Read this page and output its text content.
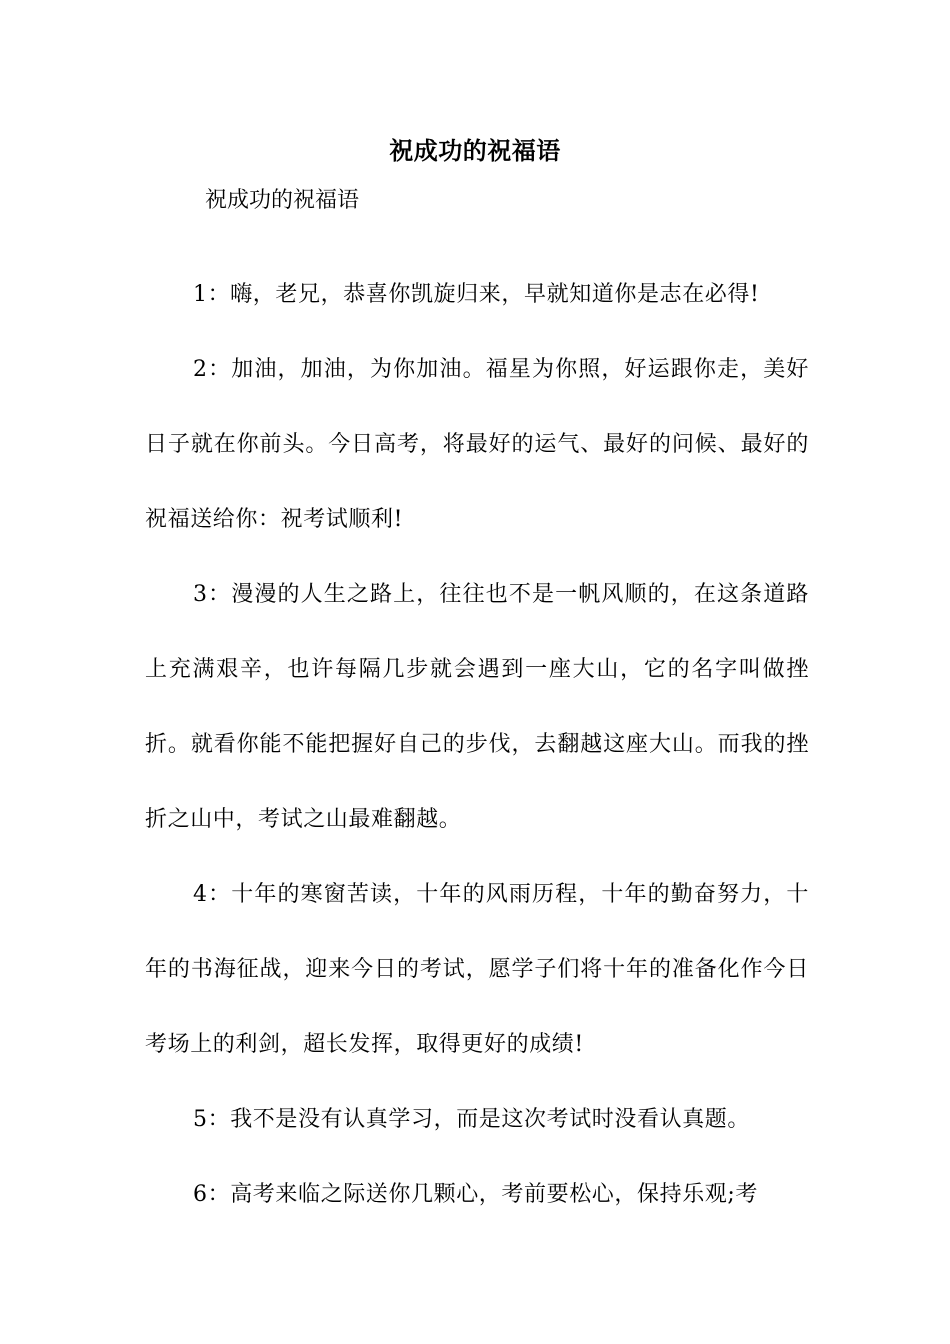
祝成功的祝福语
祝成功的祝福语

1：嗨，老兄，恭喜你凯旋归来，早就知道你是志在必得!

2：加油，加油，为你加油。福星为你照，好运跟你走，美好日子就在你前头。今日高考，将最好的运气、最好的问候、最好的祝福送给你：祝考试顺利!

3：漫漫的人生之路上，往往也不是一帆风顺的，在这条道路上充满艰辛，也许每隔几步就会遇到一座大山，它的名字叫做挫折。就看你能不能把握好自己的步伐，去翻越这座大山。而我的挫折之山中，考试之山最难翻越。

4：十年的寒窗苦读，十年的风雨历程，十年的勤奋努力，十年的书海征战，迎来今日的考试，愿学子们将十年的准备化作今日考场上的利剑，超长发挥，取得更好的成绩!

5：我不是没有认真学习，而是这次考试时没看认真题。

6：高考来临之际送你几颗心，考前要松心，保持乐观;考
